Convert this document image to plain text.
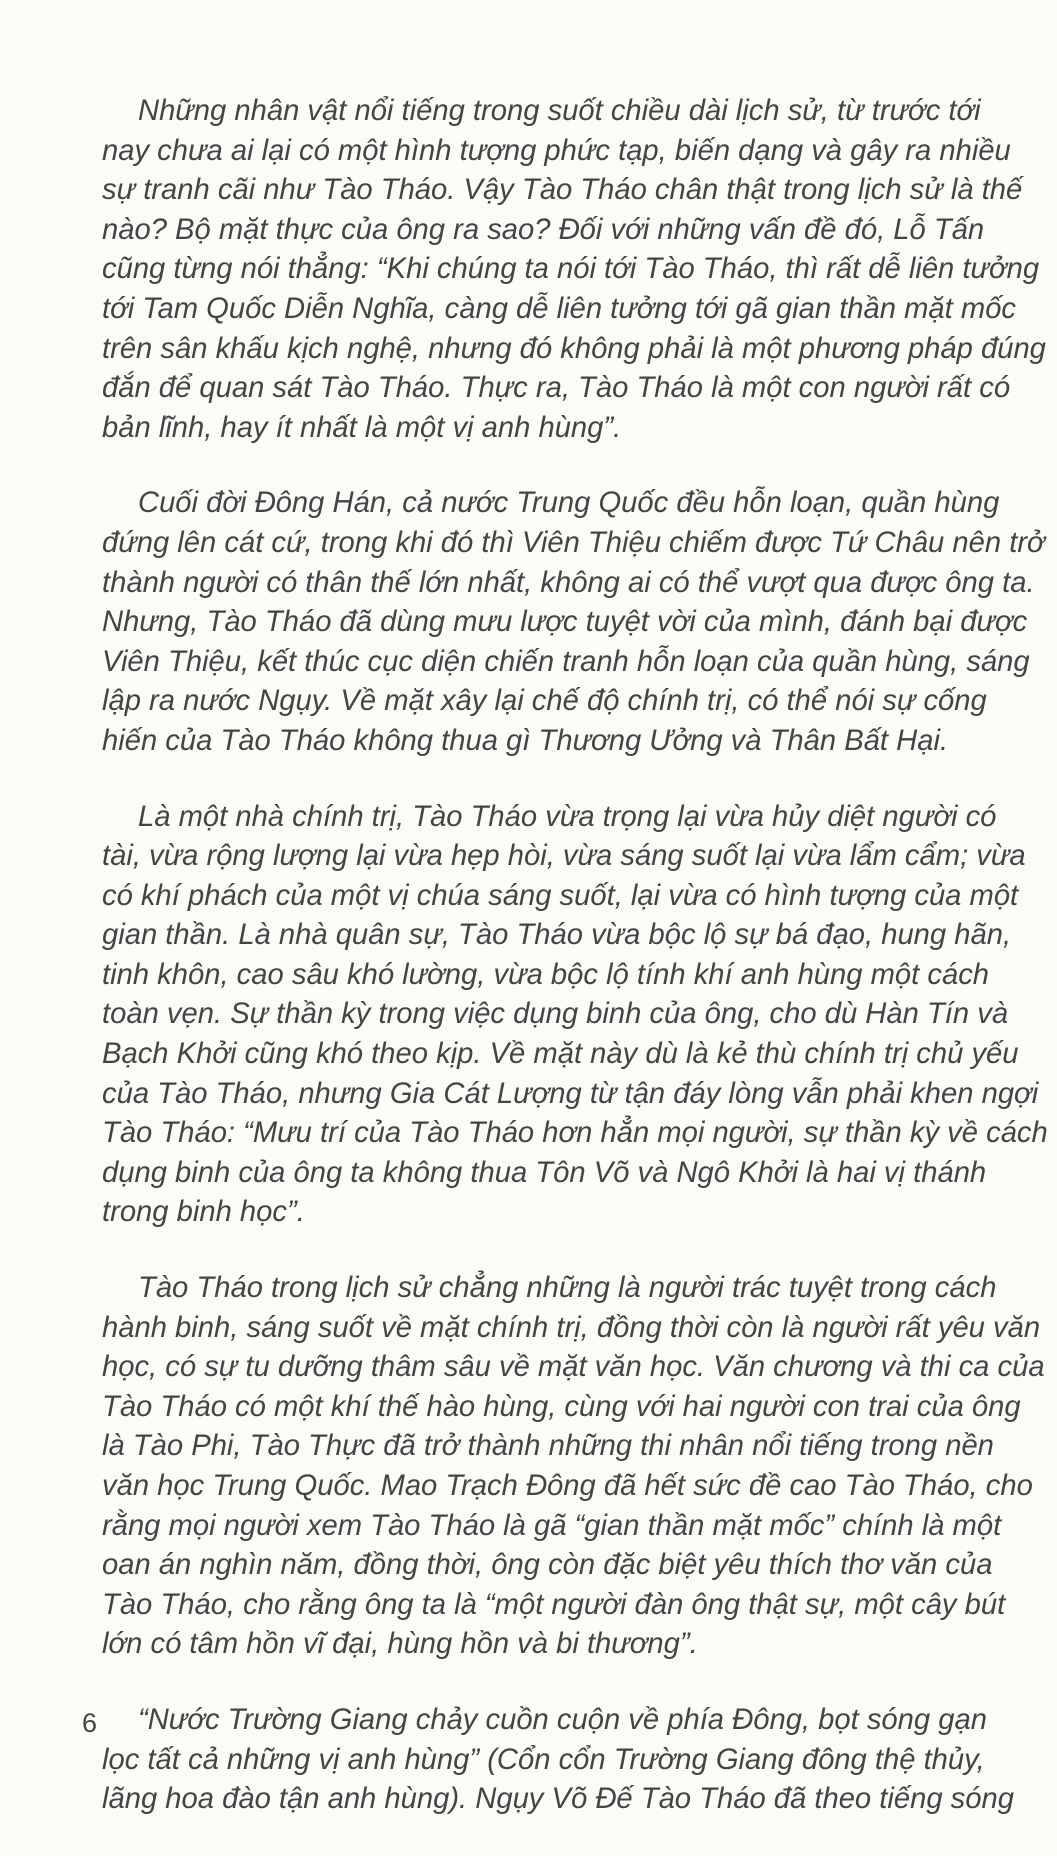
Những nhân vật nổi tiếng trong suốt chiều dài lịch sử, từ trước tới
nay chưa ai lại có một hình tượng phức tạp, biến dạng và gây ra nhiều
sự tranh cãi như Tào Tháo. Vậy Tào Tháo chân thật trong lịch sử là thế
nào? Bộ mặt thực của ông ra sao? Đối với những vấn đề đó, Lỗ Tấn
cũng từng nói thẳng: “Khi chúng ta nói tới Tào Tháo, thì rất dễ liên tưởng
tới Tam Quốc Diễn Nghĩa, càng dễ liên tưởng tới gã gian thần mặt mốc
trên sân khấu kịch nghệ, nhưng đó không phải là một phương pháp đúng
đắn để quan sát Tào Tháo. Thực ra, Tào Tháo là một con người rất có
bản lĩnh, hay ít nhất là một vị anh hùng”.

Cuối đời Đông Hán, cả nước Trung Quốc đều hỗn loạn, quần hùng
đứng lên cát cứ, trong khi đó thì Viên Thiệu chiếm được Tứ Châu nên trở
thành người có thân thế lớn nhất, không ai có thể vượt qua được ông ta.
Nhưng, Tào Tháo đã dùng mưu lược tuyệt vời của mình, đánh bại được
Viên Thiệu, kết thúc cục diện chiến tranh hỗn loạn của quần hùng, sáng
lập ra nước Ngụy. Về mặt xây lại chế độ chính trị, có thể nói sự cống
hiến của Tào Tháo không thua gì Thương Ưởng và Thân Bất Hại.

Là một nhà chính trị, Tào Tháo vừa trọng lại vừa hủy diệt người có
tài, vừa rộng lượng lại vừa hẹp hòi, vừa sáng suốt lại vừa lẩm cẩm; vừa
có khí phách của một vị chúa sáng suốt, lại vừa có hình tượng của một
gian thần. Là nhà quân sự, Tào Tháo vừa bộc lộ sự bá đạo, hung hãn,
tinh khôn, cao sâu khó lường, vừa bộc lộ tính khí anh hùng một cách
toàn vẹn. Sự thần kỳ trong việc dụng binh của ông, cho dù Hàn Tín và
Bạch Khởi cũng khó theo kịp. Về mặt này dù là kẻ thù chính trị chủ yếu
của Tào Tháo, nhưng Gia Cát Lượng từ tận đáy lòng vẫn phải khen ngợi
Tào Tháo: “Mưu trí của Tào Tháo hơn hẳn mọi người, sự thần kỳ về cách
dụng binh của ông ta không thua Tôn Võ và Ngô Khởi là hai vị thánh
trong binh học”.

Tào Tháo trong lịch sử chẳng những là người trác tuyệt trong cách
hành binh, sáng suốt về mặt chính trị, đồng thời còn là người rất yêu văn
học, có sự tu dưỡng thâm sâu về mặt văn học. Văn chương và thi ca của
Tào Tháo có một khí thế hào hùng, cùng với hai người con trai của ông
là Tào Phi, Tào Thực đã trở thành những thi nhân nổi tiếng trong nền
văn học Trung Quốc. Mao Trạch Đông đã hết sức đề cao Tào Tháo, cho
rằng mọi người xem Tào Tháo là gã “gian thần mặt mốc” chính là một
oan án nghìn năm, đồng thời, ông còn đặc biệt yêu thích thơ văn của
Tào Tháo, cho rằng ông ta là “một người đàn ông thật sự, một cây bút
lớn có tâm hồn vĩ đại, hùng hồn và bi thương”.

“Nước Trường Giang chảy cuồn cuộn về phía Đông, bọt sóng gạn
lọc tất cả những vị anh hùng” (Cổn cổn Trường Giang đông thệ thủy,
lãng hoa đào tận anh hùng). Ngụy Võ Đế Tào Tháo đã theo tiếng sóng

6
